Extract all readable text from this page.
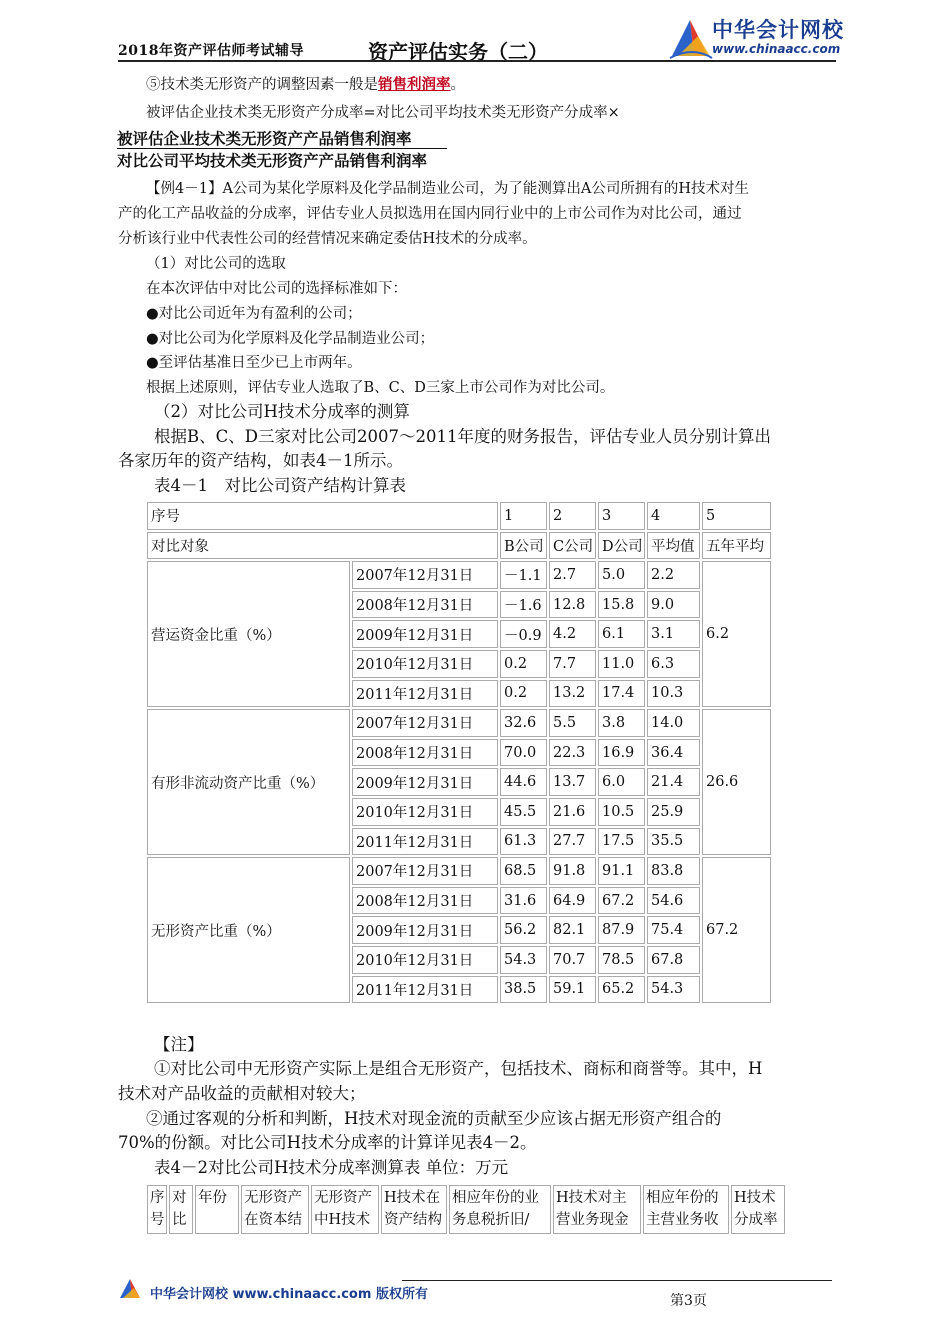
2018年资产评估师考试辅导	资产评估实务（二）
中华会计网校
www.chinaacc.com
⑤技术类无形资产的调整因素一般是销售利润率。
被评估企业技术类无形资产分成率=对比公司平均技术类无形资产分成率×
被评估企业技术类无形资产产品销售利润率
对比公司平均技术类无形资产产品销售利润率
【例4－1】A公司为某化学原料及化学品制造业公司，为了能测算出A公司所拥有的H技术对生
产的化工产品收益的分成率，评估专业人员拟选用在国内同行业中的上市公司作为对比公司，通过
分析该行业中代表性公司的经营情况来确定委估H技术的分成率。
（1）对比公司的选取
在本次评估中对比公司的选择标准如下：
●对比公司近年为有盈利的公司；
●对比公司为化学原料及化学品制造业公司；
●至评估基准日至少已上市两年。
根据上述原则，评估专业人选取了B、C、D三家上市公司作为对比公司。
（2）对比公司H技术分成率的测算
根据B、C、D三家对比公司2007～2011年度的财务报告，评估专业人员分别计算出
各家历年的资产结构，如表4－1所示。
表4－1　对比公司资产结构计算表
序号		1	2	3	4	5
对比对象		B公司	C公司	D公司	平均值	五年平均
营运资金比重（%）	2007年12月31日	－1.1	2.7	5.0	2.2	6.2
	2008年12月31日	－1.6	12.8	15.8	9.0	
	2009年12月31日	－0.9	4.2	6.1	3.1	
	2010年12月31日	0.2	7.7	11.0	6.3	
	2011年12月31日	0.2	13.2	17.4	10.3	
有形非流动资产比重（%）	2007年12月31日	32.6	5.5	3.8	14.0	26.6
	2008年12月31日	70.0	22.3	16.9	36.4	
	2009年12月31日	44.6	13.7	6.0	21.4	
	2010年12月31日	45.5	21.6	10.5	25.9	
	2011年12月31日	61.3	27.7	17.5	35.5	
无形资产比重（%）	2007年12月31日	68.5	91.8	91.1	83.8	67.2
	2008年12月31日	31.6	64.9	67.2	54.6	
	2009年12月31日	56.2	82.1	87.9	75.4	
	2010年12月31日	54.3	70.7	78.5	67.8	
	2011年12月31日	38.5	59.1	65.2	54.3	
【注】
①对比公司中无形资产实际上是组合无形资产，包括技术、商标和商誉等。其中，H
技术对产品收益的贡献相对较大；
②通过客观的分析和判断，H技术对现金流的贡献至少应该占据无形资产组合的
70%的份额。对比公司H技术分成率的计算详见表4－2。
表4－2对比公司H技术分成率测算表 单位：万元
序号	对比	年份	无形资产在资本结	无形资产中H技术	H技术在资产结构	相应年份的业务息税折旧/	H技术对主营业务现金	相应年份的主营业务收	H技术分成率
中华会计网校 www.chinaacc.com 版权所有	第3页
